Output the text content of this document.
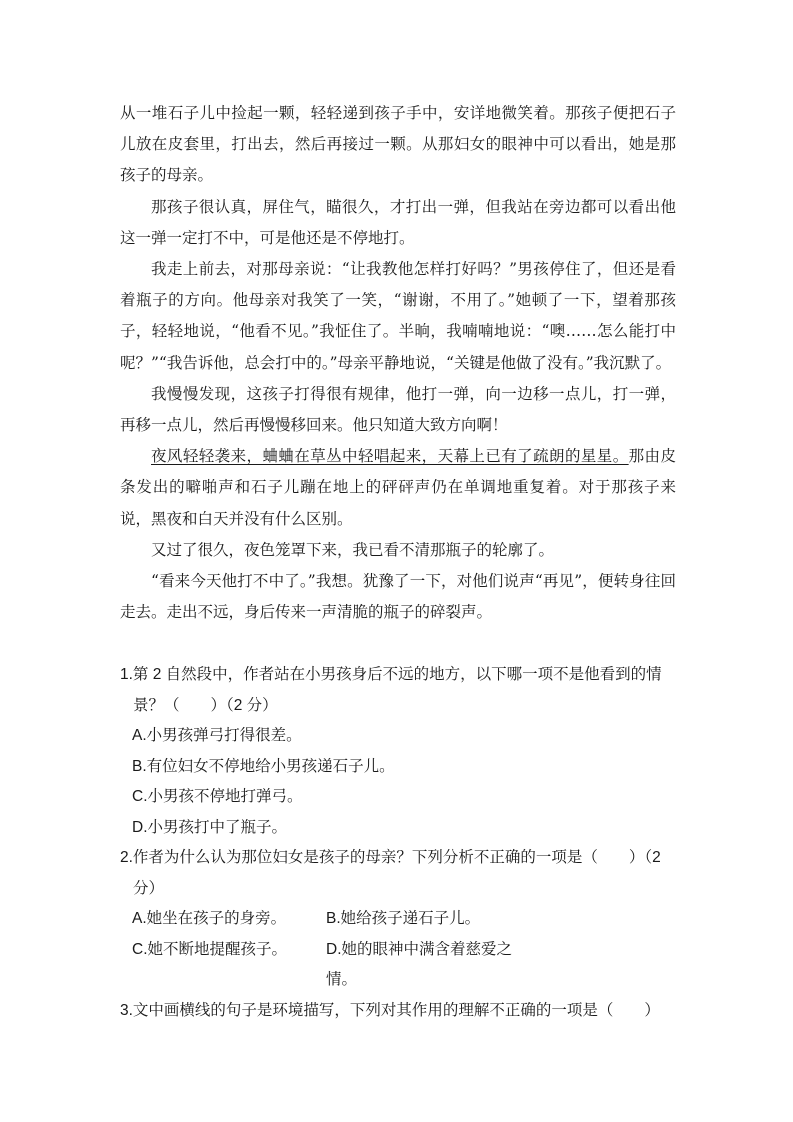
从一堆石子儿中捡起一颗，轻轻递到孩子手中，安详地微笑着。那孩子便把石子儿放在皮套里，打出去，然后再接过一颗。从那妇女的眼神中可以看出，她是那孩子的母亲。

那孩子很认真，屏住气，瞄很久，才打出一弹，但我站在旁边都可以看出他这一弹一定打不中，可是他还是不停地打。

我走上前去，对那母亲说：“让我教他怎样打好吗？”男孩停住了，但还是看着瓶子的方向。他母亲对我笑了一笑，“谢谢，不用了。”她顿了一下，望着那孩子，轻轻地说，“他看不见。”我怔住了。半晌，我喃喃地说：“噢……怎么能打中呢？”“我告诉他，总会打中的。”母亲平静地说，“关键是他做了没有。”我沉默了。

我慢慢发现，这孩子打得很有规律，他打一弹，向一边移一点儿，打一弹，再移一点儿，然后再慢慢移回来。他只知道大致方向啊！

夜风轻轻袭来，蛐蛐在草丛中轻唱起来，天幕上已有了疏朗的星星。那由皮条发出的噼啪声和石子儿蹦在地上的砰砰声仍在单调地重复着。对于那孩子来说，黑夜和白天并没有什么区别。

又过了很久，夜色笼罩下来，我已看不清那瓶子的轮廓了。

“看来今天他打不中了。”我想。犹豫了一下，对他们说声“再见”，便转身往回走去。走出不远，身后传来一声清脆的瓶子的碎裂声。

1.第 2 自然段中，作者站在小男孩身后不远的地方，以下哪一项不是他看到的情景？（　　）（2 分）
A.小男孩弹弓打得很差。
B.有位妇女不停地给小男孩递石子儿。
C.小男孩不停地打弹弓。
D.小男孩打中了瓶子。
2.作者为什么认为那位妇女是孩子的母亲？下列分析不正确的一项是（　　）（2 分）
A.她坐在孩子的身旁。	B.她给孩子递石子儿。
C.她不断地提醒孩子。	D.她的眼神中满含着慈爱之情。
3.文中画横线的句子是环境描写，下列对其作用的理解不正确的一项是（　　）
